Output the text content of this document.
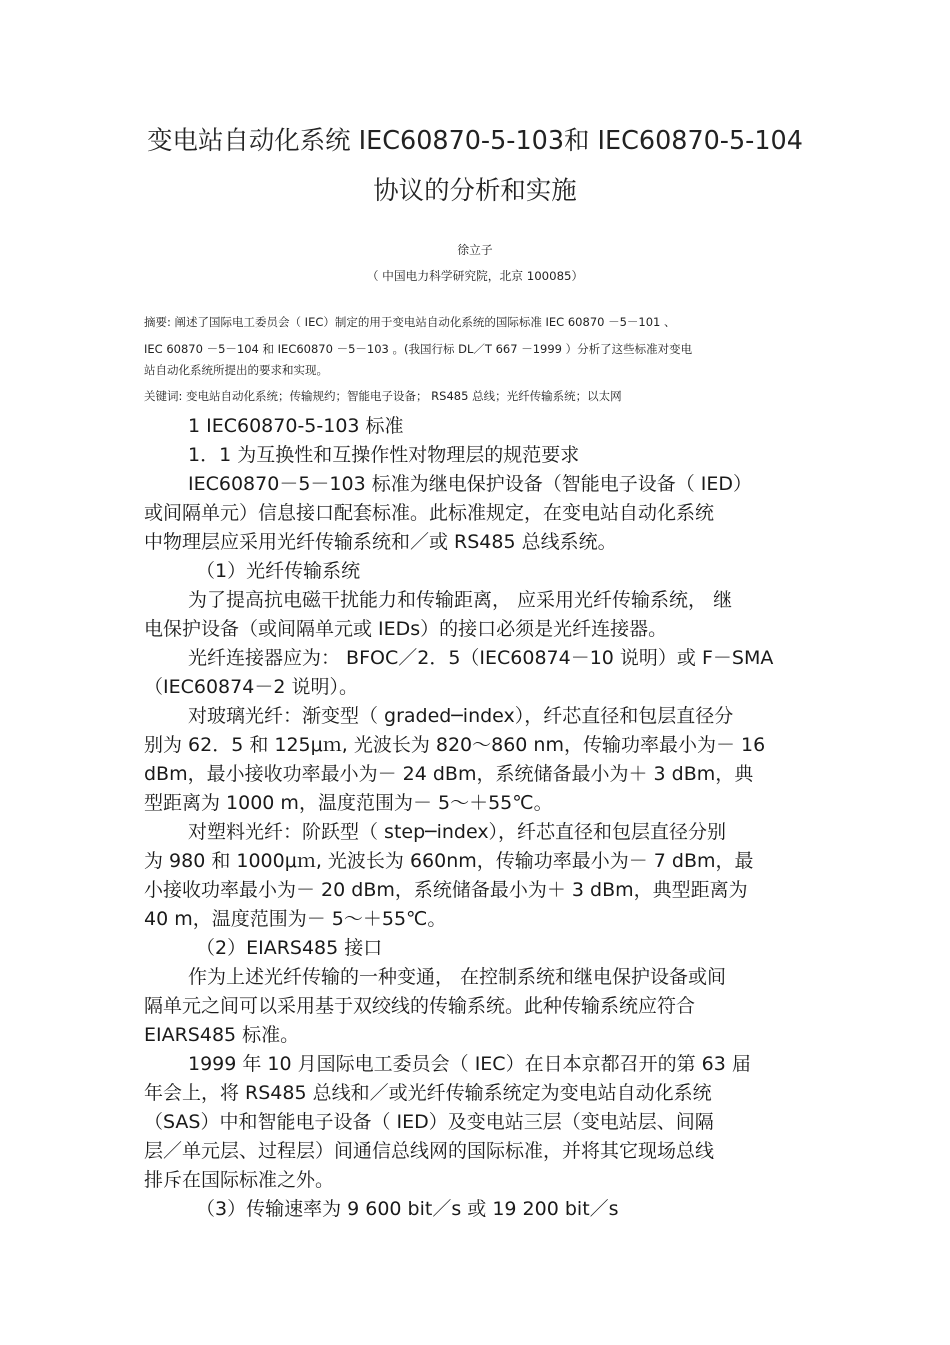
变电站自动化系统 IEC60870-5-103和 IEC60870-5-104
协议的分析和实施
徐立子
（ 中国电力科学研究院，北京 100085）
摘要: 阐述了国际电工委员会（ IEC）制定的用于变电站自动化系统的国际标准 IEC 60870 －5－101 、
IEC 60870 －5－104 和 IEC60870 －5－103 。(我国行标 DL／T 667 －1999 ）分析了这些标准对变电
站自动化系统所提出的要求和实现。
关键词: 变电站自动化系统；传输规约；智能电子设备； RS485 总线；光纤传输系统；以太网
1 IEC60870-5-103 标准
1．1 为互换性和互操作性对物理层的规范要求
IEC60870－5－103 标准为继电保护设备（智能电子设备（ IED）
或间隔单元）信息接口配套标准。此标准规定，在变电站自动化系统
中物理层应采用光纤传输系统和／或 RS485 总线系统。
（1）光纤传输系统
为了提高抗电磁干扰能力和传输距离， 应采用光纤传输系统， 继
电保护设备（或间隔单元或 IEDs）的接口必须是光纤连接器。
光纤连接器应为： BFOC／2．5（IEC60874－10 说明）或 F－SMA
（IEC60874－2 说明）。
对玻璃光纤：渐变型（ graded─index），纤芯直径和包层直径分
别为 62．5 和 125μｍ, 光波长为 820～860 nm，传输功率最小为－ 16
dBm，最小接收功率最小为－ 24 dBm，系统储备最小为＋ 3 dBm，典
型距离为 1000 m，温度范围为－ 5～＋55℃。
对塑料光纤：阶跃型（ step─index），纤芯直径和包层直径分别
为 980 和 1000μｍ, 光波长为 660nm，传输功率最小为－ 7 dBm，最
小接收功率最小为－ 20 dBm，系统储备最小为＋ 3 dBm，典型距离为
40 m，温度范围为－ 5～＋55℃。
（2）EIARS485 接口
作为上述光纤传输的一种变通， 在控制系统和继电保护设备或间
隔单元之间可以采用基于双绞线的传输系统。此种传输系统应符合
EIARS485 标准。
1999 年 10 月国际电工委员会（ IEC）在日本京都召开的第 63 届
年会上，将 RS485 总线和／或光纤传输系统定为变电站自动化系统
（SAS）中和智能电子设备（ IED）及变电站三层（变电站层、间隔
层／单元层、过程层）间通信总线网的国际标准，并将其它现场总线
排斥在国际标准之外。
（3）传输速率为 9 600 bit／s 或 19 200 bit／s
